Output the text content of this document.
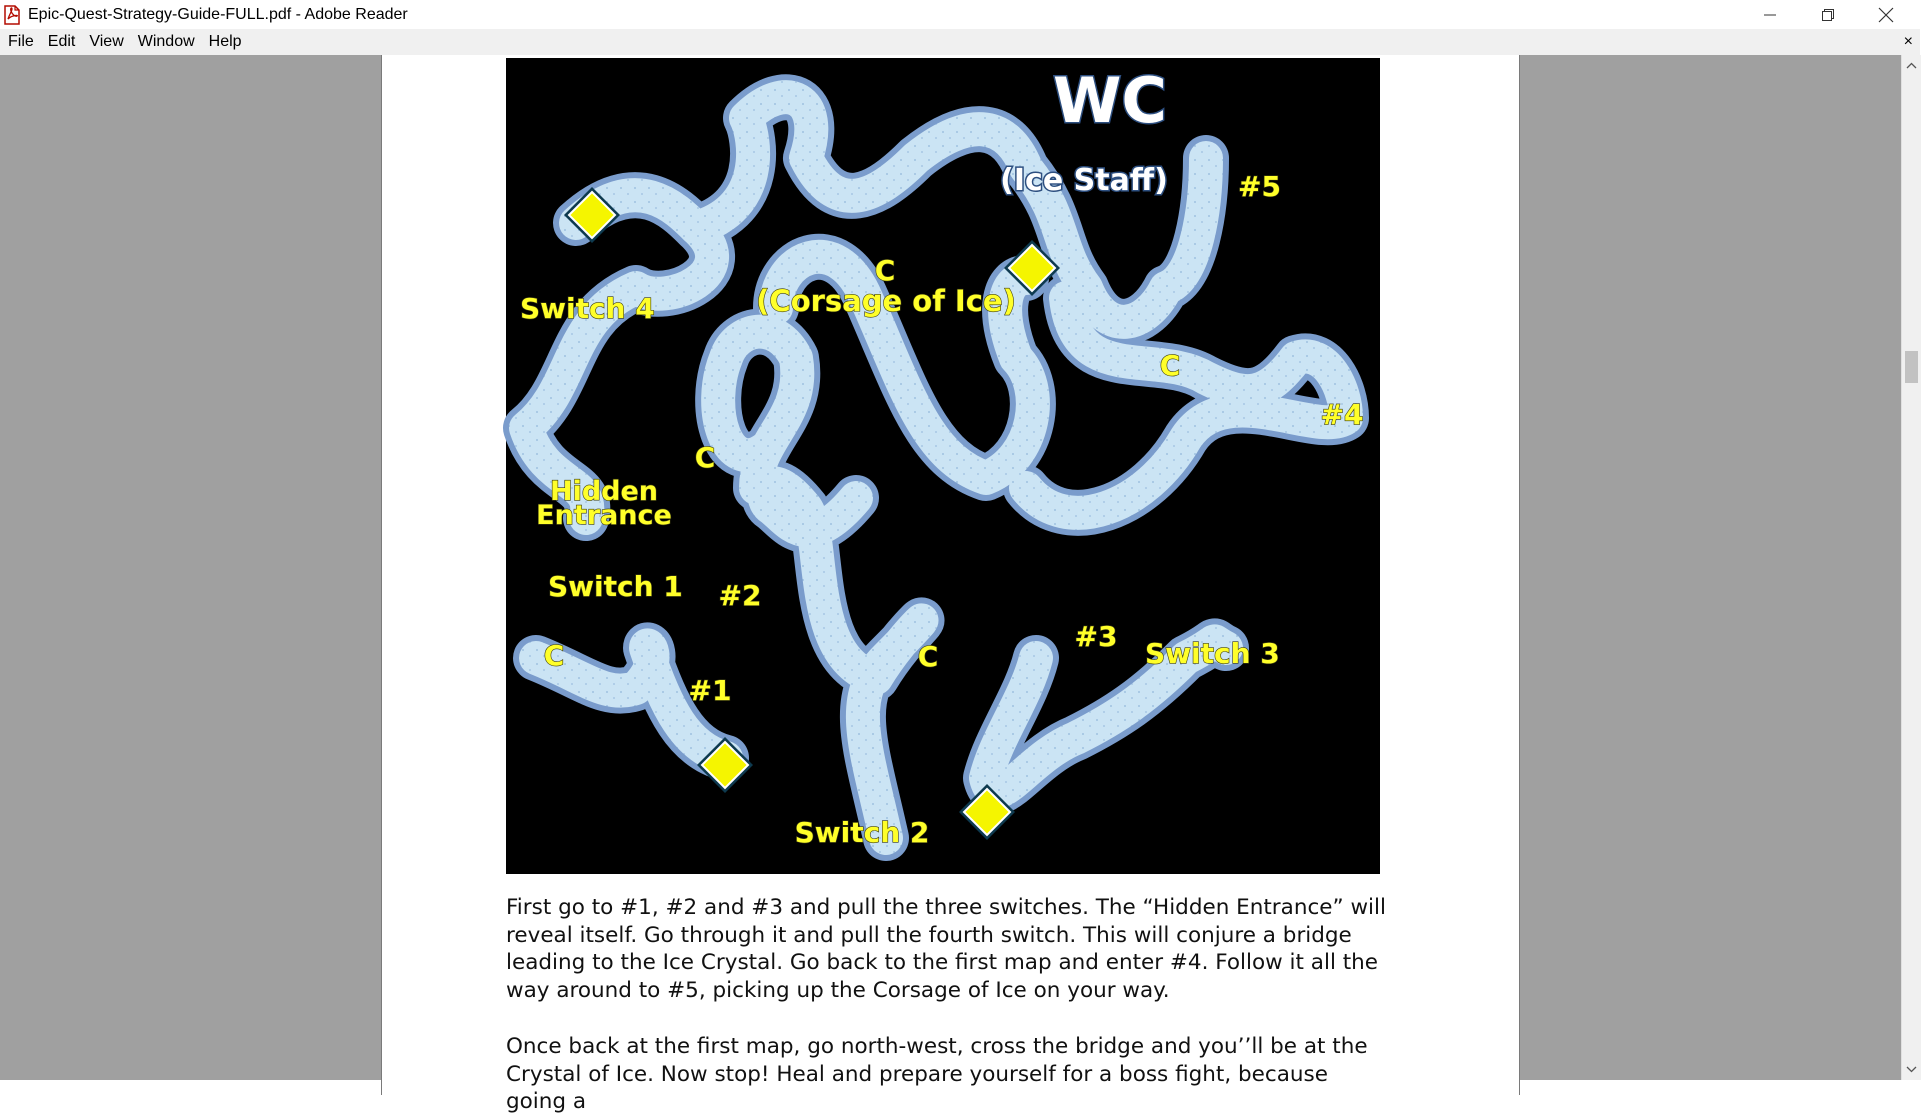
Epic-Quest-Strategy-Guide-FULL.pdf - Adobe Reader
File Edit View Window Help	×
WC
(Ice Staff)	#5
Switch 4	(Corsage of Ice)
C
C
#4
C
Hidden
Entrance
Switch 1 #2
C
#1
C
#3
Switch 3
Switch 2
First go to #1, #2 and #3 and pull the three switches. The “Hidden Entrance” will reveal itself. Go through it and pull the fourth switch. This will conjure a bridge leading to the Ice Crystal. Go back to the first map and enter #4. Follow it all the way around to #5, picking up the Corsage of Ice on your way.
Once back at the first map, go north-west, cross the bridge and you’’ll be at the Crystal of Ice. Now stop! Heal and prepare yourself for a boss fight, because going a
